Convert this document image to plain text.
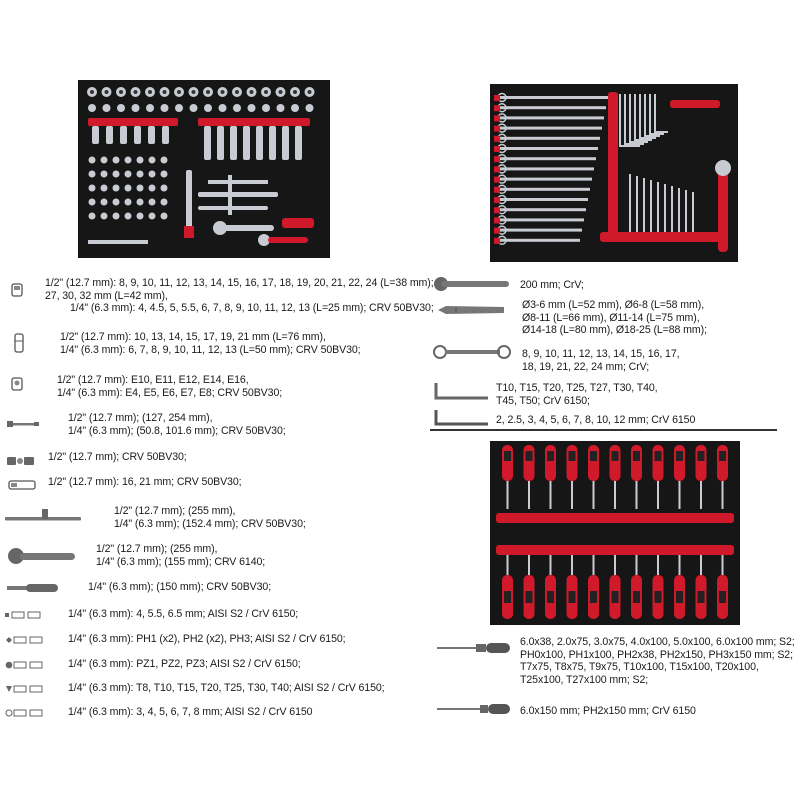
1/2" (12.7 mm): 8, 9, 10, 11, 12, 13, 14, 15, 16, 17, 18, 19, 20, 21, 22, 24 (L=38 mm);
27, 30, 32 mm (L=42 mm),
1/4" (6.3 mm): 4, 4.5, 5, 5.5, 6, 7, 8, 9, 10, 11, 12, 13 (L=25 mm); CRV 50BV30;
1/2" (12.7 mm): 10, 13, 14, 15, 17, 19, 21 mm (L=76 mm),
1/4" (6.3 mm): 6, 7, 8, 9, 10, 11, 12, 13 (L=50 mm); CRV 50BV30;
1/2" (12.7 mm): E10, E11, E12, E14, E16,
1/4" (6.3 mm): E4, E5, E6, E7, E8; CRV 50BV30;
1/2" (12.7 mm); (127, 254 mm),
1/4" (6.3 mm); (50.8, 101.6 mm); CRV 50BV30;
1/2" (12.7 mm); CRV 50BV30;
1/2" (12.7 mm): 16, 21 mm; CRV 50BV30;
1/2" (12.7 mm); (255 mm),
1/4" (6.3 mm); (152.4 mm); CRV 50BV30;
1/2" (12.7 mm); (255 mm),
1/4" (6.3 mm); (155 mm); CRV 6140;
1/4" (6.3 mm); (150 mm); CRV 50BV30;
1/4" (6.3 mm): 4, 5.5, 6.5 mm; AISI S2 / CrV 6150;
1/4" (6.3 mm): PH1 (x2), PH2 (x2), PH3; AISI S2 / CrV 6150;
1/4" (6.3 mm): PZ1, PZ2, PZ3; AISI S2 / CrV 6150;
1/4" (6.3 mm): T8, T10, T15, T20, T25, T30, T40; AISI S2 / CrV 6150;
1/4" (6.3 mm): 3, 4, 5, 6, 7, 8 mm; AISI S2 / CrV 6150
200 mm; CrV;
Ø3-6 mm (L=52 mm), Ø6-8 (L=58 mm),
Ø8-11 (L=66 mm), Ø11-14 (L=75 mm),
Ø14-18 (L=80 mm), Ø18-25 (L=88 mm);
8, 9, 10, 11, 12, 13, 14, 15, 16, 17,
18, 19, 21, 22, 24 mm; CrV;
T10, T15, T20, T25, T27, T30, T40,
T45, T50; CrV 6150;
2, 2.5, 3, 4, 5, 6, 7, 8, 10, 12 mm; CrV 6150
6.0x38, 2.0x75, 3.0x75, 4.0x100, 5.0x100, 6.0x100 mm; S2;
PH0x100, PH1x100, PH2x38, PH2x150, PH3x150 mm; S2;
T7x75, T8x75, T9x75, T10x100, T15x100, T20x100,
T25x100, T27x100 mm; S2;
6.0x150 mm; PH2x150 mm; CrV 6150
